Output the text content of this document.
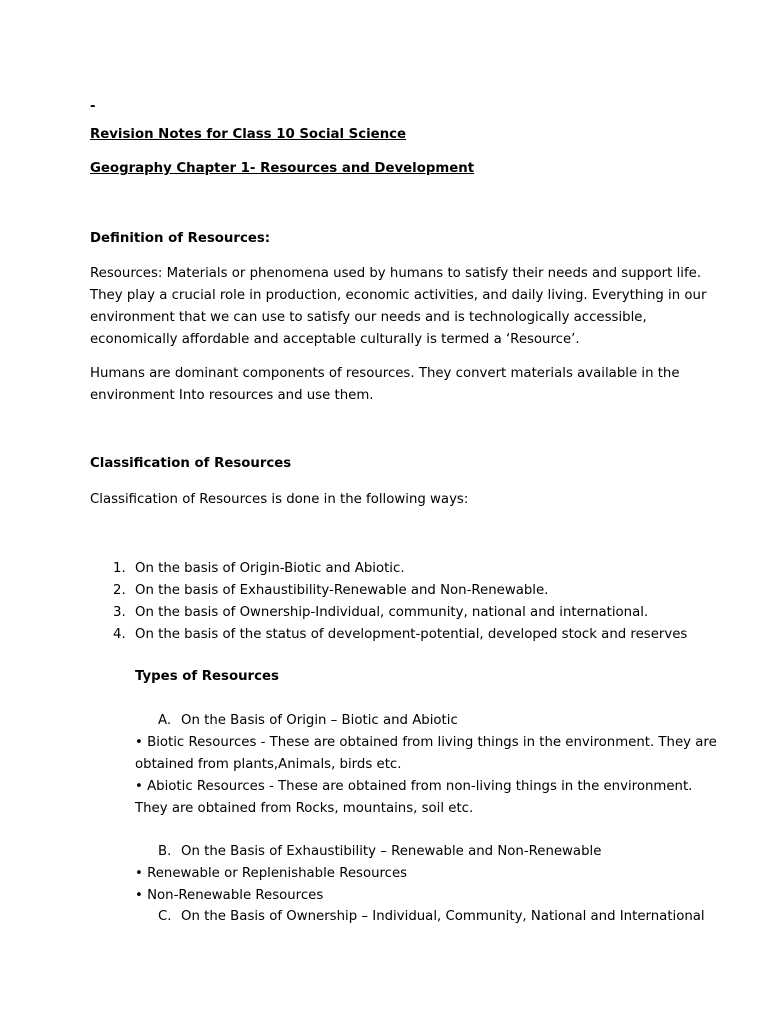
-
Revision Notes for Class 10 Social Science
Geography Chapter 1- Resources and Development
Definition of Resources:
Resources: Materials or phenomena used by humans to satisfy their needs and support life.
They play a crucial role in production, economic activities, and daily living. Everything in our
environment that we can use to satisfy our needs and is technologically accessible,
economically affordable and acceptable culturally is termed a ‘Resource’.
Humans are dominant components of resources. They convert materials available in the
environment Into resources and use them.
Classification of Resources
Classification of Resources is done in the following ways:
1. On the basis of Origin-Biotic and Abiotic.
2. On the basis of Exhaustibility-Renewable and Non-Renewable.
3. On the basis of Ownership-Individual, community, national and international.
4. On the basis of the status of development-potential, developed stock and reserves
Types of Resources
A. On the Basis of Origin – Biotic and Abiotic
• Biotic Resources - These are obtained from living things in the environment. They are
obtained from plants,Animals, birds etc.
• Abiotic Resources - These are obtained from non-living things in the environment.
They are obtained from Rocks, mountains, soil etc.
B. On the Basis of Exhaustibility – Renewable and Non-Renewable
• Renewable or Replenishable Resources
• Non-Renewable Resources
C. On the Basis of Ownership – Individual, Community, National and International
